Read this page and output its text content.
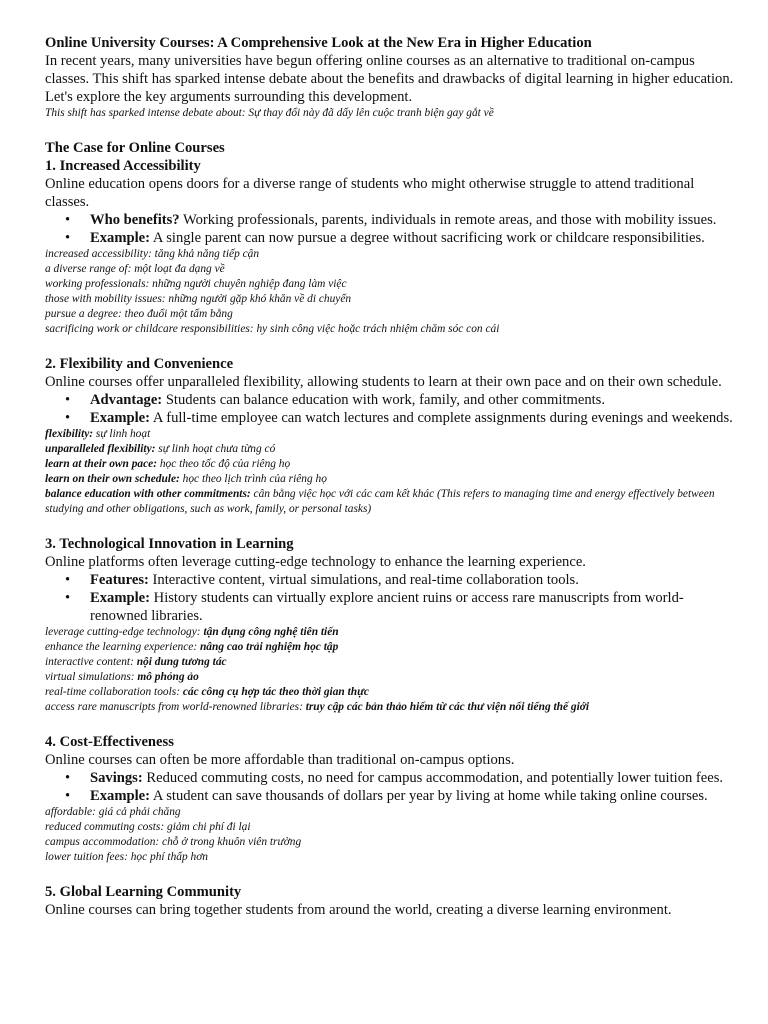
Online University Courses: A Comprehensive Look at the New Era in Higher Education

In recent years, many universities have begun offering online courses as an alternative to traditional on-campus classes. This shift has sparked intense debate about the benefits and drawbacks of digital learning in higher education. Let's explore the key arguments surrounding this development.

This shift has sparked intense debate about: Sự thay đổi này đã dấy lên cuộc tranh biện gay gắt về

The Case for Online Courses

1. Increased Accessibility

Online education opens doors for a diverse range of students who might otherwise struggle to attend traditional classes.

• Who benefits? Working professionals, parents, individuals in remote areas, and those with mobility issues.
• Example: A single parent can now pursue a degree without sacrificing work or childcare responsibilities.

increased accessibility: tăng khả năng tiếp cận

a diverse range of: một loạt đa dạng về

working professionals: những người chuyên nghiệp đang làm việc

those with mobility issues: những người gặp khó khăn về di chuyển

pursue a degree: theo đuổi một tấm bằng

sacrificing work or childcare responsibilities: hy sinh công việc hoặc trách nhiệm chăm sóc con cái

2. Flexibility and Convenience

Online courses offer unparalleled flexibility, allowing students to learn at their own pace and on their own schedule.

• Advantage: Students can balance education with work, family, and other commitments.
• Example: A full-time employee can watch lectures and complete assignments during evenings and weekends.

flexibility: sự linh hoạt

unparalleled flexibility: sự linh hoạt chưa từng có

learn at their own pace: học theo tốc độ của riêng họ

learn on their own schedule: học theo lịch trình của riêng họ

balance education with other commitments: cân bằng việc học với các cam kết khác (This refers to managing time and energy effectively between studying and other obligations, such as work, family, or personal tasks)

3. Technological Innovation in Learning

Online platforms often leverage cutting-edge technology to enhance the learning experience.

• Features: Interactive content, virtual simulations, and real-time collaboration tools.
• Example: History students can virtually explore ancient ruins or access rare manuscripts from world-renowned libraries.

leverage cutting-edge technology: tận dụng công nghệ tiên tiến

enhance the learning experience: nâng cao trải nghiệm học tập

interactive content: nội dung tương tác

virtual simulations: mô phỏng ảo

real-time collaboration tools: các công cụ hợp tác theo thời gian thực

access rare manuscripts from world-renowned libraries: truy cập các bản thảo hiếm từ các thư viện nổi tiếng thế giới

4. Cost-Effectiveness

Online courses can often be more affordable than traditional on-campus options.

• Savings: Reduced commuting costs, no need for campus accommodation, and potentially lower tuition fees.
• Example: A student can save thousands of dollars per year by living at home while taking online courses.

affordable: giá cả phải chăng

reduced commuting costs: giảm chi phí đi lại

campus accommodation: chỗ ở trong khuôn viên trường

lower tuition fees: học phí thấp hơn

5. Global Learning Community

Online courses can bring together students from around the world, creating a diverse learning environment.
